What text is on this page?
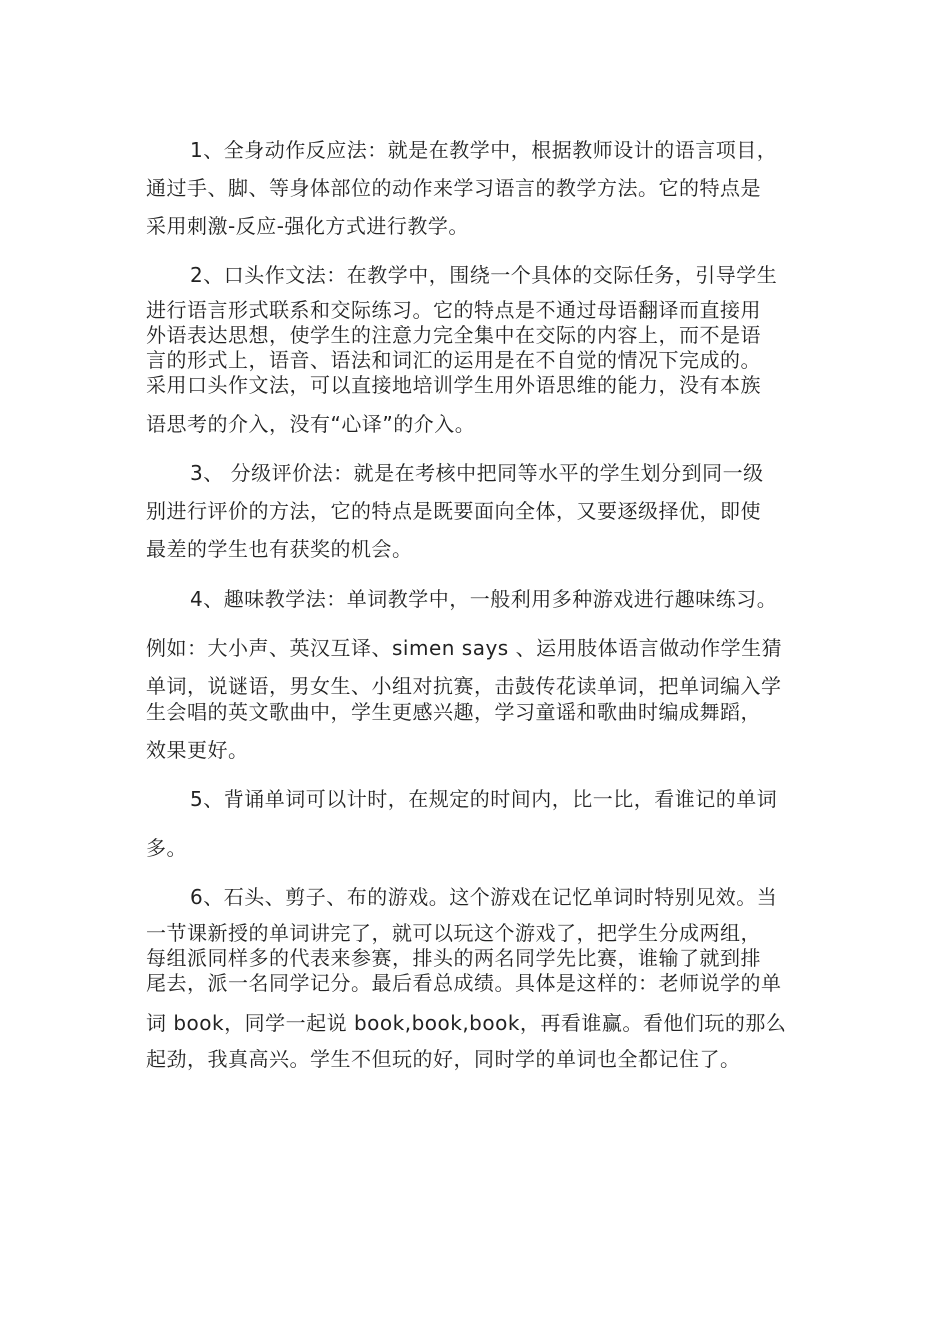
1、全身动作反应法：就是在教学中，根据教师设计的语言项目，
通过手、脚、等身体部位的动作来学习语言的教学方法。它的特点是
采用刺激-反应-强化方式进行教学。
2、口头作文法：在教学中，围绕一个具体的交际任务，引导学生
进行语言形式联系和交际练习。它的特点是不通过母语翻译而直接用
外语表达思想，使学生的注意力完全集中在交际的内容上，而不是语
言的形式上，语音、语法和词汇的运用是在不自觉的情况下完成的。
采用口头作文法，可以直接地培训学生用外语思维的能力，没有本族
语思考的介入，没有“心译”的介入。
3、 分级评价法：就是在考核中把同等水平的学生划分到同一级
别进行评价的方法，它的特点是既要面向全体，又要逐级择优，即使
最差的学生也有获奖的机会。
4、趣味教学法：单词教学中，一般利用多种游戏进行趣味练习。
例如：大小声、英汉互译、simen says 、运用肢体语言做动作学生猜
单词，说谜语，男女生、小组对抗赛，击鼓传花读单词，把单词编入学
生会唱的英文歌曲中，学生更感兴趣，学习童谣和歌曲时编成舞蹈，
效果更好。
5、背诵单词可以计时，在规定的时间内，比一比，看谁记的单词
多。
6、石头、剪子、布的游戏。这个游戏在记忆单词时特别见效。当
一节课新授的单词讲完了，就可以玩这个游戏了，把学生分成两组，
每组派同样多的代表来参赛，排头的两名同学先比赛，谁输了就到排
尾去，派一名同学记分。最后看总成绩。具体是这样的：老师说学的单
词 book，同学一起说 book,book,book，再看谁赢。看他们玩的那么
起劲，我真高兴。学生不但玩的好，同时学的单词也全都记住了。
